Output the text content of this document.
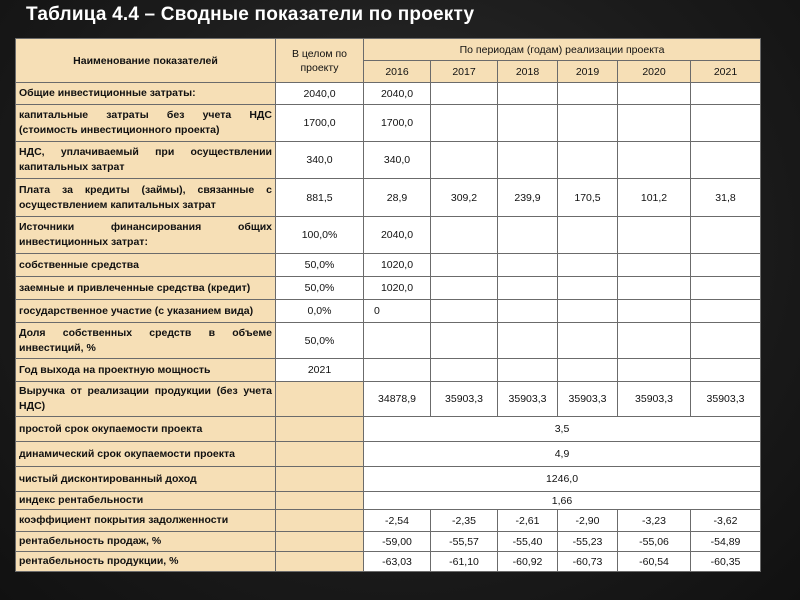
Таблица 4.4 – Сводные показатели по проекту
Наименование показателей	В целом по проекту	По периодам (годам) реализации проекта					
		2016	2017	2018	2019	2020	2021
Общие инвестиционные затраты:	2040,0	2040,0					
капитальные затраты без учета НДС (стоимость инвестиционного проекта)	1700,0	1700,0					
НДС, уплачиваемый при осуществлении капитальных затрат	340,0	340,0					
Плата за кредиты (займы), связанные с осуществлением капитальных затрат	881,5	28,9	309,2	239,9	170,5	101,2	31,8
Источники финансирования общих инвестиционных затрат:	100,0%	2040,0					
собственные средства	50,0%	1020,0					
заемные и привлеченные средства (кредит)	50,0%	1020,0					
государственное участие (с указанием вида)	0,0%	0					
Доля собственных средств в объеме инвестиций, %	50,0%						
Год выхода на проектную мощность	2021						
Выручка от реализации продукции (без учета НДС)		34878,9	35903,3	35903,3	35903,3	35903,3	35903,3
простой срок окупаемости проекта		3,5					
динамический срок окупаемости проекта		4,9					
чистый дисконтированный доход		1246,0					
индекс рентабельности		1,66					
коэффициент покрытия задолженности		-2,54	-2,35	-2,61	-2,90	-3,23	-3,62
рентабельность продаж, %		-59,00	-55,57	-55,40	-55,23	-55,06	-54,89
рентабельность продукции, %		-63,03	-61,10	-60,92	-60,73	-60,54	-60,35
